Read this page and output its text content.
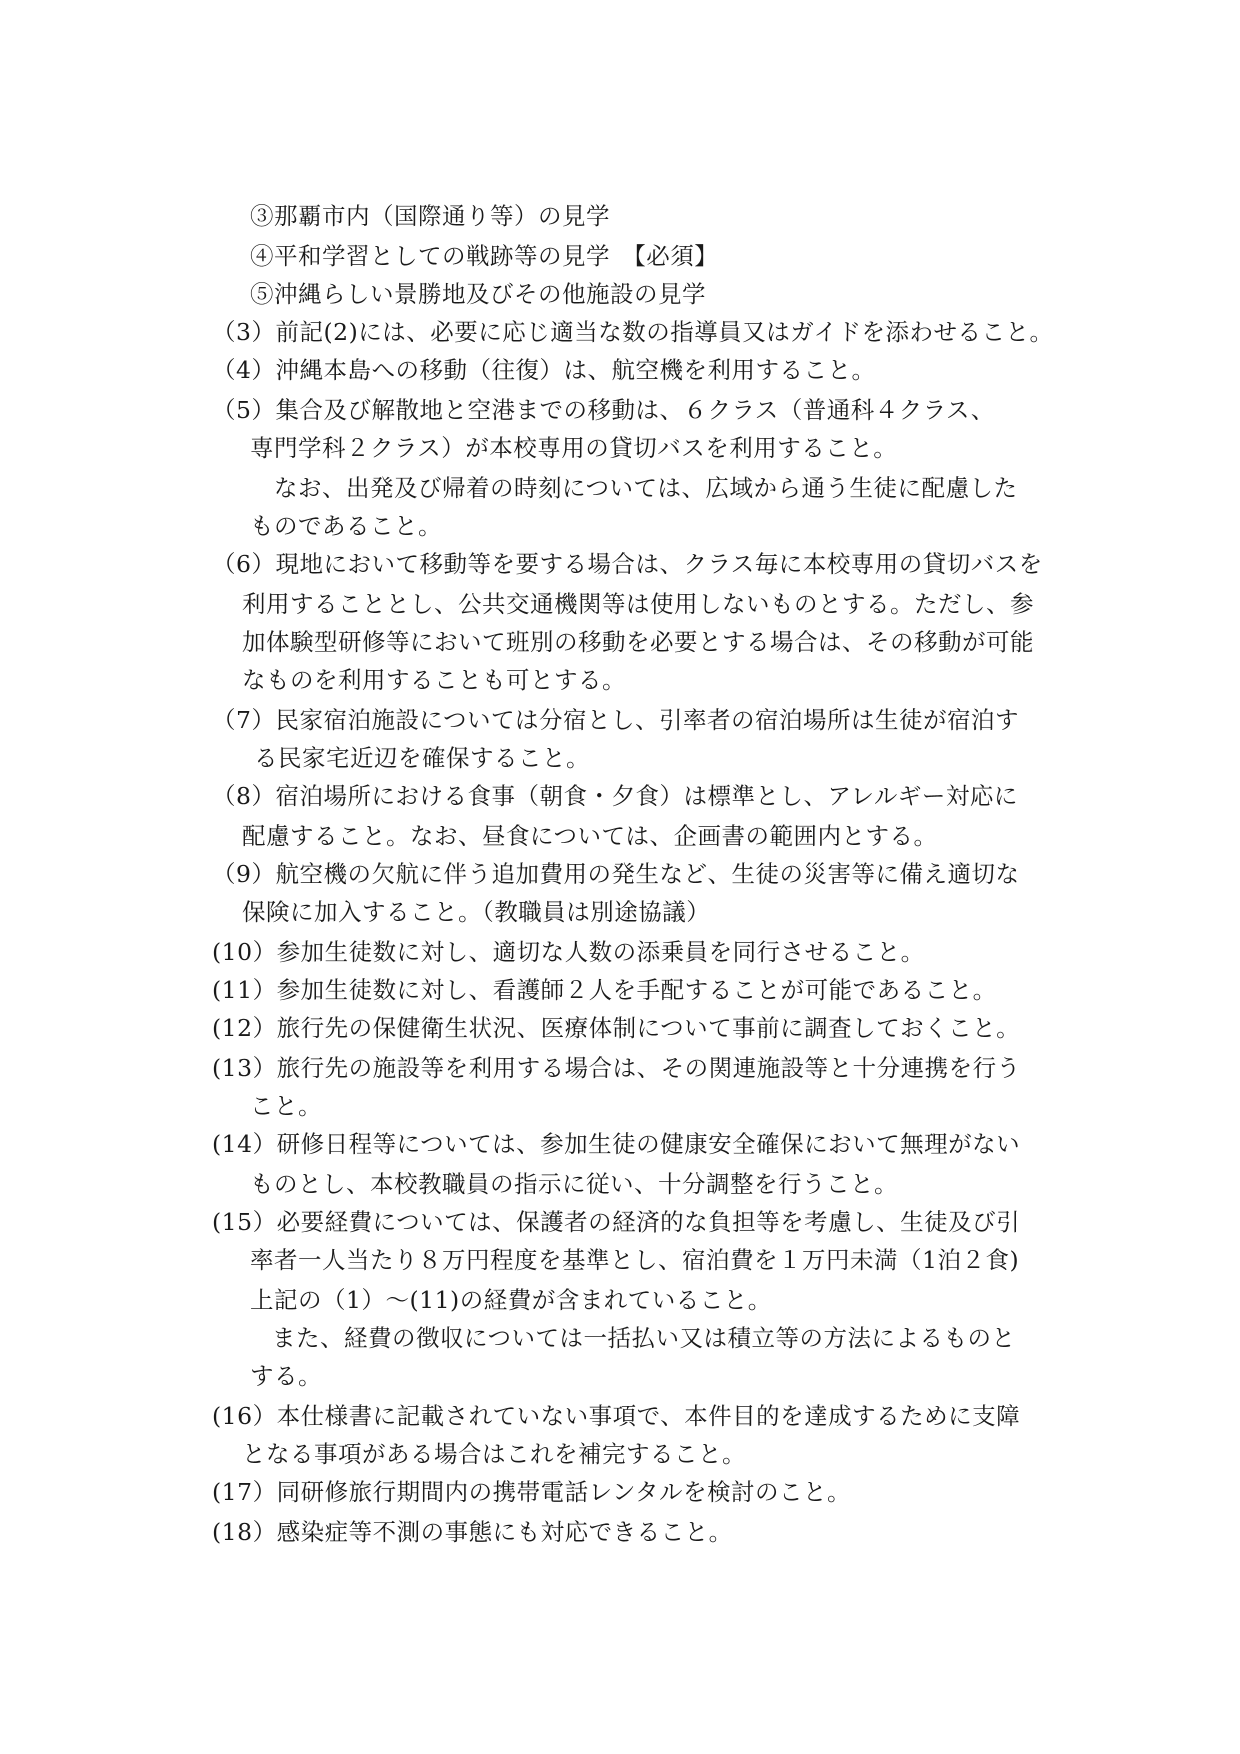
③那覇市内（国際通り等）の見学
④平和学習としての戦跡等の見学　【必須】
⑤沖縄らしい景勝地及びその他施設の見学
（3）前記(2)には、必要に応じ適当な数の指導員又はガイドを添わせること。
（4）沖縄本島への移動（往復）は、航空機を利用すること。
（5）集合及び解散地と空港までの移動は、６クラス（普通科４クラス、
専門学科２クラス）が本校専用の貸切バスを利用すること。
なお、出発及び帰着の時刻については、広域から通う生徒に配慮した
ものであること。
（6）現地において移動等を要する場合は、クラス毎に本校専用の貸切バスを
利用することとし、公共交通機関等は使用しないものとする。ただし、参
加体験型研修等において班別の移動を必要とする場合は、その移動が可能
なものを利用することも可とする。
（7）民家宿泊施設については分宿とし、引率者の宿泊場所は生徒が宿泊す
る民家宅近辺を確保すること。
（8）宿泊場所における食事（朝食・夕食）は標準とし、アレルギー対応に
配慮すること。なお、昼食については、企画書の範囲内とする。
（9）航空機の欠航に伴う追加費用の発生など、生徒の災害等に備え適切な
保険に加入すること。（教職員は別途協議）
(10）参加生徒数に対し、適切な人数の添乗員を同行させること。
(11）参加生徒数に対し、看護師２人を手配することが可能であること。
(12）旅行先の保健衛生状況、医療体制について事前に調査しておくこと。
(13）旅行先の施設等を利用する場合は、その関連施設等と十分連携を行う
こと。
(14）研修日程等については、参加生徒の健康安全確保において無理がない
ものとし、本校教職員の指示に従い、十分調整を行うこと。
(15）必要経費については、保護者の経済的な負担等を考慮し、生徒及び引
率者一人当たり８万円程度を基準とし、宿泊費を１万円未満（1泊２食)
上記の（1）～(11)の経費が含まれていること。
また、経費の徴収については一括払い又は積立等の方法によるものと
する。
(16）本仕様書に記載されていない事項で、本件目的を達成するために支障
となる事項がある場合はこれを補完すること。
(17）同研修旅行期間内の携帯電話レンタルを検討のこと。
(18）感染症等不測の事態にも対応できること。
